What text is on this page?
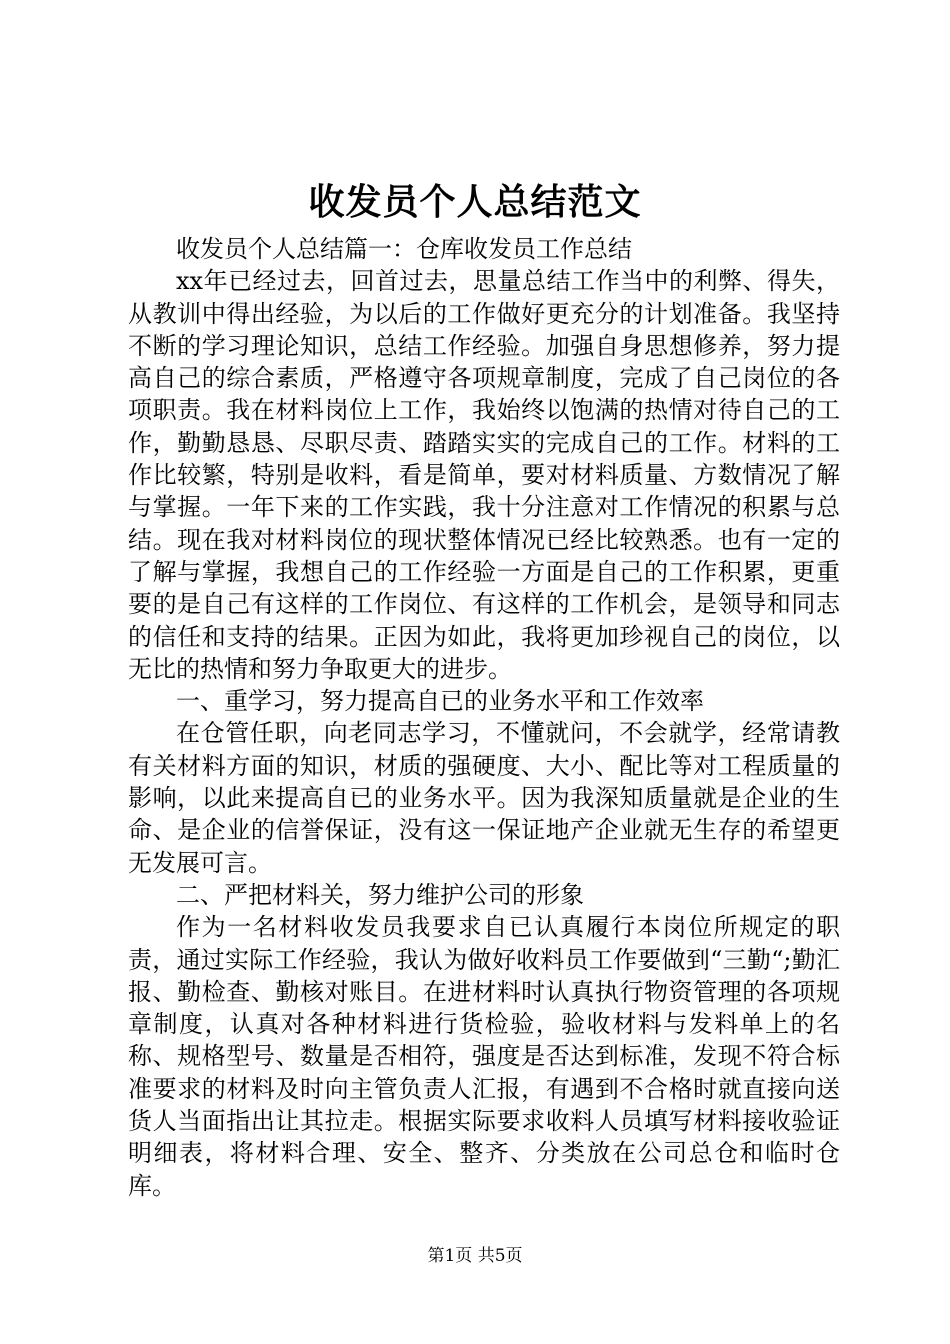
收发员个人总结范文

收发员个人总结篇一：仓库收发员工作总结

xx年已经过去，回首过去，思量总结工作当中的利弊、得失，从教训中得出经验，为以后的工作做好更充分的计划准备。我坚持不断的学习理论知识，总结工作经验。加强自身思想修养，努力提高自己的综合素质，严格遵守各项规章制度，完成了自己岗位的各项职责。我在材料岗位上工作，我始终以饱满的热情对待自己的工作，勤勤恳恳、尽职尽责、踏踏实实的完成自己的工作。材料的工作比较繁，特别是收料，看是简单，要对材料质量、方数情况了解与掌握。一年下来的工作实践，我十分注意对工作情况的积累与总结。现在我对材料岗位的现状整体情况已经比较熟悉。也有一定的了解与掌握，我想自己的工作经验一方面是自己的工作积累，更重要的是自己有这样的工作岗位、有这样的工作机会，是领导和同志的信任和支持的结果。正因为如此，我将更加珍视自己的岗位，以无比的热情和努力争取更大的进步。

一、重学习，努力提高自已的业务水平和工作效率

在仓管任职，向老同志学习，不懂就问，不会就学，经常请教有关材料方面的知识，材质的强硬度、大小、配比等对工程质量的影响，以此来提高自已的业务水平。因为我深知质量就是企业的生命、是企业的信誉保证，没有这一保证地产企业就无生存的希望更无发展可言。

二、严把材料关，努力维护公司的形象

作为一名材料收发员我要求自已认真履行本岗位所规定的职责，通过实际工作经验，我认为做好收料员工作要做到“三勤“;勤汇报、勤检查、勤核对账目。在进材料时认真执行物资管理的各项规章制度，认真对各种材料进行货检验，验收材料与发料单上的名称、规格型号、数量是否相符，强度是否达到标准，发现不符合标准要求的材料及时向主管负责人汇报，有遇到不合格时就直接向送货人当面指出让其拉走。根据实际要求收料人员填写材料接收验证明细表，将材料合理、安全、整齐、分类放在公司总仓和临时仓库。

第1页 共5页
